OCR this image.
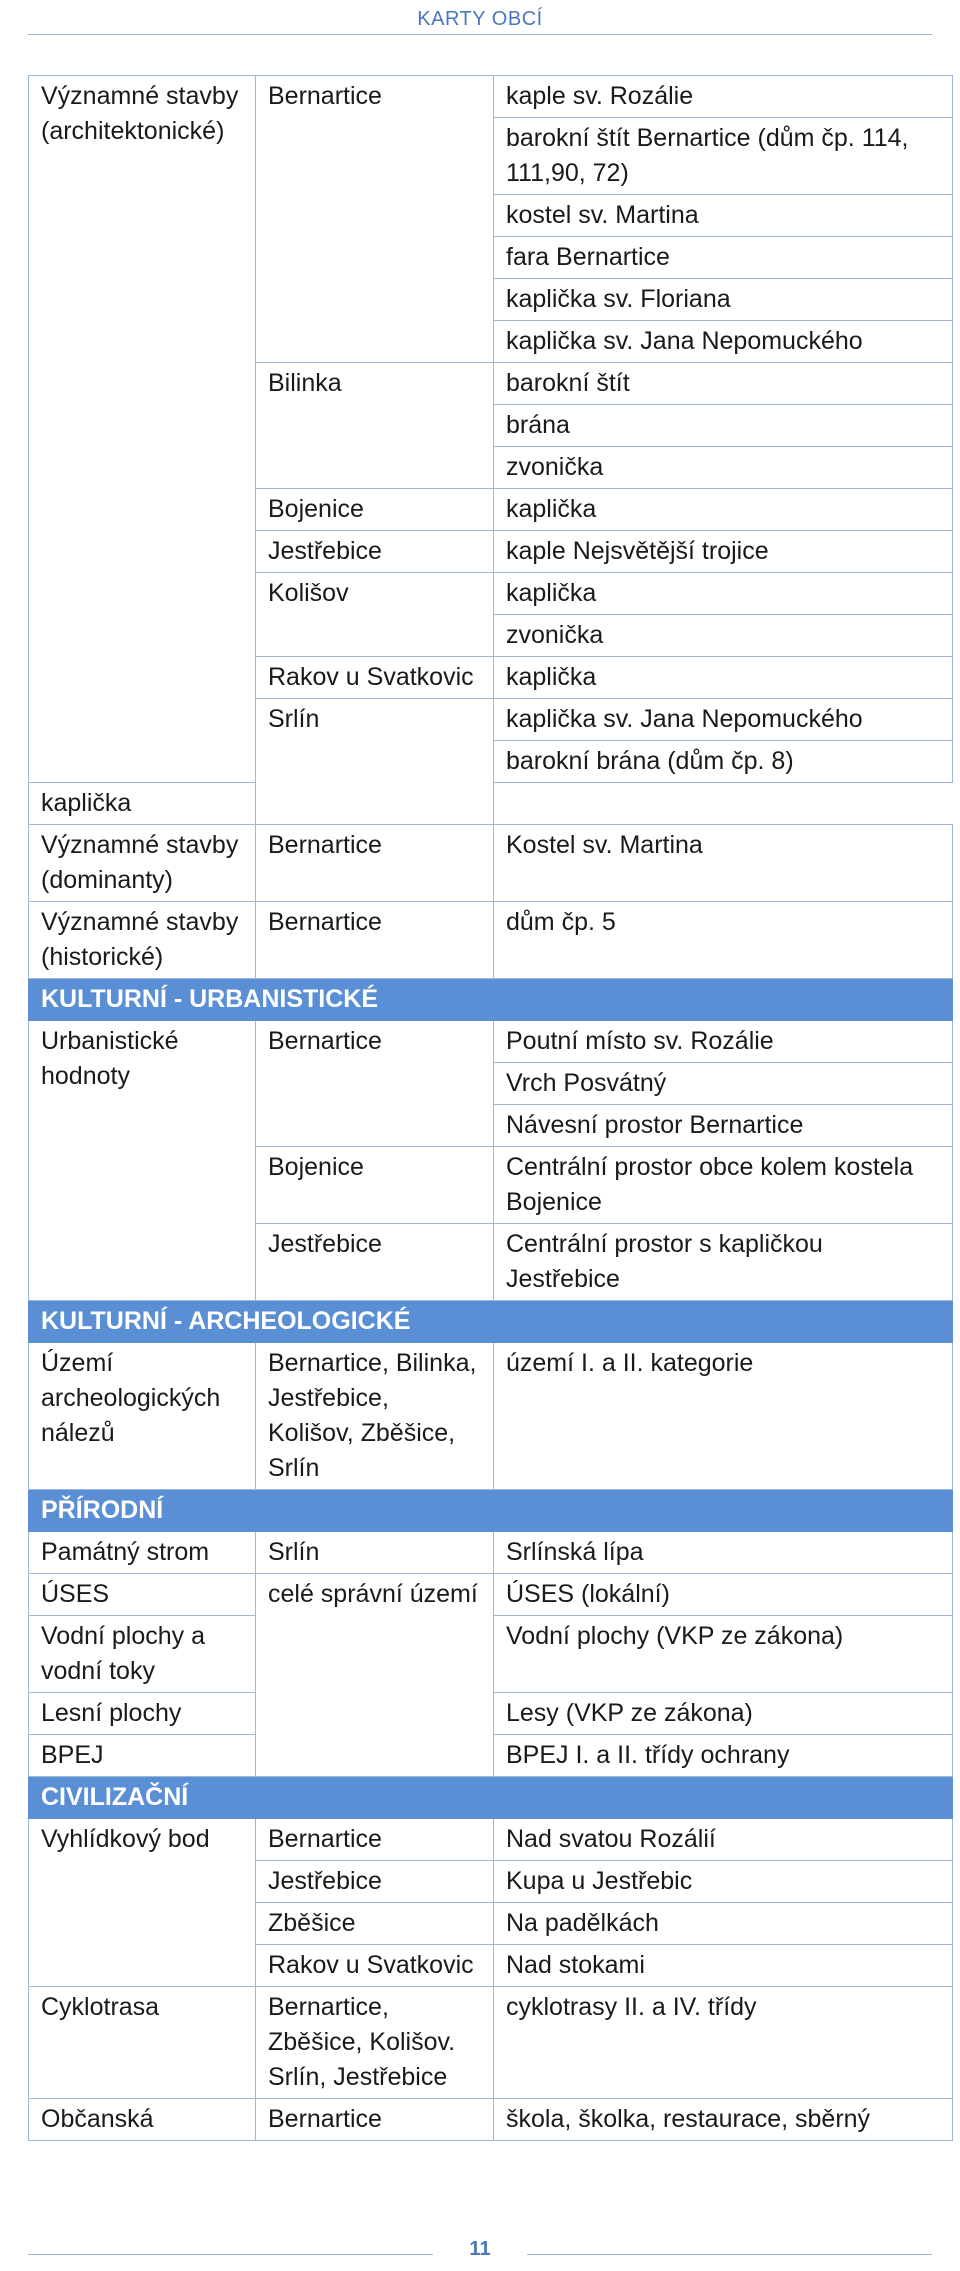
KARTY OBCÍ
Významné stavby (architektonické)	Bernartice	kaple sv. Rozálie
		barokní štít Bernartice (dům čp. 114, 111,90, 72)
		kostel sv. Martina
		fara Bernartice
		kaplička sv. Floriana
		kaplička sv. Jana Nepomuckého
	Bilinka	barokní štít
		brána
		zvonička
	Bojenice	kaplička
	Jestřebice	kaple Nejsvětější trojice
	Kolišov	kaplička
		zvonička
	Rakov u Svatkovic	kaplička
	Srlín	kaplička sv. Jana Nepomuckého
		barokní brána (dům čp. 8)
kaplička		
Významné stavby (dominanty)	Bernartice	Kostel sv. Martina
Významné stavby (historické)	Bernartice	dům čp. 5
KULTURNÍ - URBANISTICKÉ		
Urbanistické hodnoty	Bernartice	Poutní místo sv. Rozálie
		Vrch Posvátný
		Návesní prostor Bernartice
	Bojenice	Centrální prostor obce kolem kostela Bojenice
	Jestřebice	Centrální prostor s kapličkou Jestřebice
KULTURNÍ - ARCHEOLOGICKÉ		
Území archeologických nálezů	Bernartice, Bilinka, Jestřebice, Kolišov, Zběšice, Srlín	území I. a II. kategorie
PŘÍRODNÍ		
Památný strom	Srlín	Srlínská lípa
ÚSES	celé správní území	ÚSES (lokální)
Vodní plochy a vodní toky		Vodní plochy (VKP ze zákona)
Lesní plochy		Lesy (VKP ze zákona)
BPEJ		BPEJ I. a II. třídy ochrany
CIVILIZAČNÍ		
Vyhlídkový bod	Bernartice	Nad svatou Rozálií
	Jestřebice	Kupa u Jestřebic
	Zběšice	Na padělkách
	Rakov u Svatkovic	Nad stokami
Cyklotrasa	Bernartice, Zběšice, Kolišov. Srlín, Jestřebice	cyklotrasy II. a IV. třídy
Občanská	Bernartice	škola, školka, restaurace, sběrný
11
